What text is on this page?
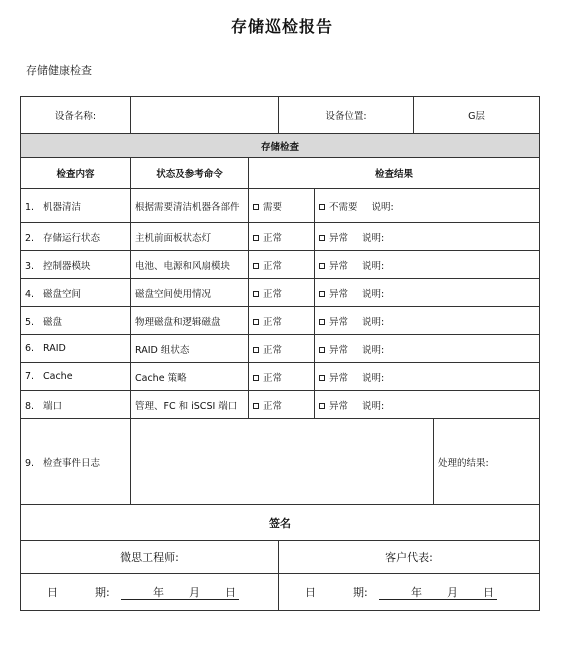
存储巡检报告
存储健康检查
设备名称:			设备位置:		G层	
存储检查						
检查内容	状态及参考命令	检查结果				
1. 机器清洁	根据需要清洁机器各部件	需要		不需要 说明:		
2. 存储运行状态	主机前面板状态灯	正常		异常 说明:		
3. 控制器模块	电池、电源和风扇模块	正常		异常 说明:		
4. 磁盘空间	磁盘空间使用情况	正常		异常 说明:		
5. 磁盘	物理磁盘和逻辑磁盘	正常		异常 说明:		
6. RAID	RAID 组状态	正常		异常 说明:		
7. Cache	Cache 策略	正常		异常 说明:		
8. 端口	管理、FC 和 iSCSI 端口	正常		异常 说明:		
9. 检查事件日志						处理的结果:
签名						
微思工程师:			客户代表:			
日 期: 年 月 日			日 期: 年 月 日			
